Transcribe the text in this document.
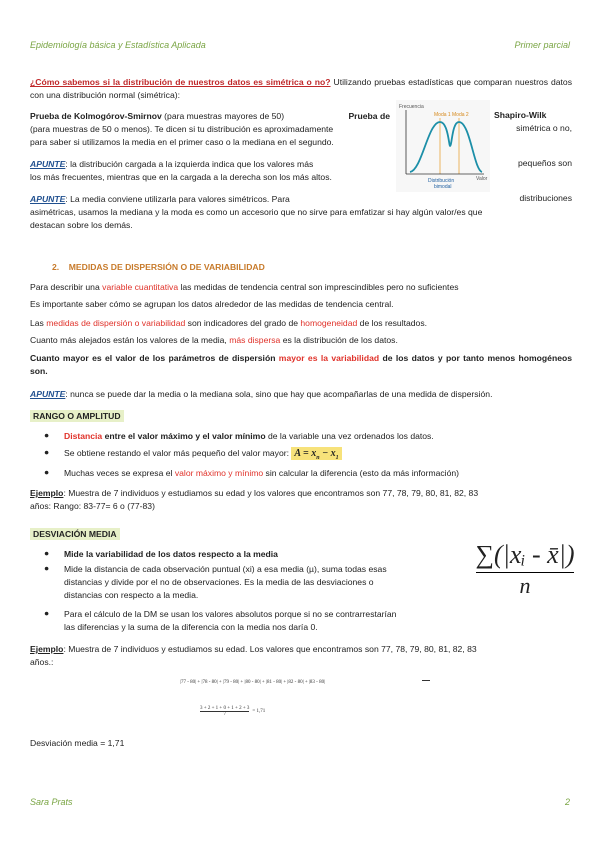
Epidemiología básica y Estadística Aplicada	Primer parcial
¿Cómo sabemos si la distribución de nuestros datos es simétrica o no? Utilizando pruebas estadísticas que comparan nuestros datos con una distribución normal (simétrica):
Prueba de Kolmogórov-Smirnov (para muestras mayores de 50)	Prueba de
(para muestras de 50 o menos). Te dicen si tu distribución es aproximadamente
para saber si utilizamos la media en el primer caso o la mediana en el segundo.
Shapiro-Wilk
simétrica o no,
APUNTE: la distribución cargada a la izquierda indica que los valores más
los más frecuentes, mientras que en la cargada a la derecha son los más altos.
pequeños son
APUNTE: La media conviene utilizarla para valores simétricos. Para	distribuciones
asimétricas, usamos la mediana y la moda es como un accesorio que no sirve para emfatizar si hay algún valor/es que
destacan sobre los demás.
Frecuencia
Moda 1 Moda 2
Valor
Distribución
bimodal
2. MEDIDAS DE DISPERSIÓN O DE VARIABILIDAD
Para describir una variable cuantitativa las medidas de tendencia central son imprescindibles pero no suficientes
Es importante saber cómo se agrupan los datos alrededor de las medidas de tendencia central.
Las medidas de dispersión o variabilidad son indicadores del grado de homogeneidad de los resultados.
Cuanto más alejados están los valores de la media, más dispersa es la distribución de los datos.
Cuanto mayor es el valor de los parámetros de dispersión mayor es la variabilidad de los datos y por tanto menos homogéneos son.
APUNTE: nunca se puede dar la media o la mediana sola, sino que hay que acompañarlas de una medida de dispersión.
RANGO O AMPLITUD
●	Distancia entre el valor máximo y el valor mínimo de la variable una vez ordenados los datos.
●	Se obtiene restando el valor más pequeño del valor mayor: $A = x_n - x_1$
●	Muchas veces se expresa el valor máximo y mínimo sin calcular la diferencia (esto da más información)
Ejemplo: Muestra de 7 individuos y estudiamos su edad y los valores que encontramos son 77, 78, 79, 80, 81, 82, 83
años: Rango: 83-77= 6 o (77-83)
DESVIACIÓN MEDIA
●	Mide la variabilidad de los datos respecto a la media
●	Mide la distancia de cada observación puntual (xi) a esa media (µ), suma todas esas
distancias y divide por el no de observaciones. Es la media de las desviaciones o
distancias con respecto a la media.
●	Para el cálculo de la DM se usan los valores absolutos porque si no se contrarrestarían
las diferencias y la suma de la diferencia con la media nos daría 0.
∑(|xᵢ - x̄|)
n
Ejemplo: Muestra de 7 individuos y estudiamos su edad. Los valores que encontramos son 77, 78, 79, 80, 81, 82, 83
años.:
|77 - 80| + |78 - 80| + |79 - 80| + |80 - 80| + |81 - 80| + |82 - 80| + |83 - 80|
3 + 2 + 1 + 0 + 1 + 2 + 3
7
= 1,71
Desviación media = 1,71
Sara Prats	2
